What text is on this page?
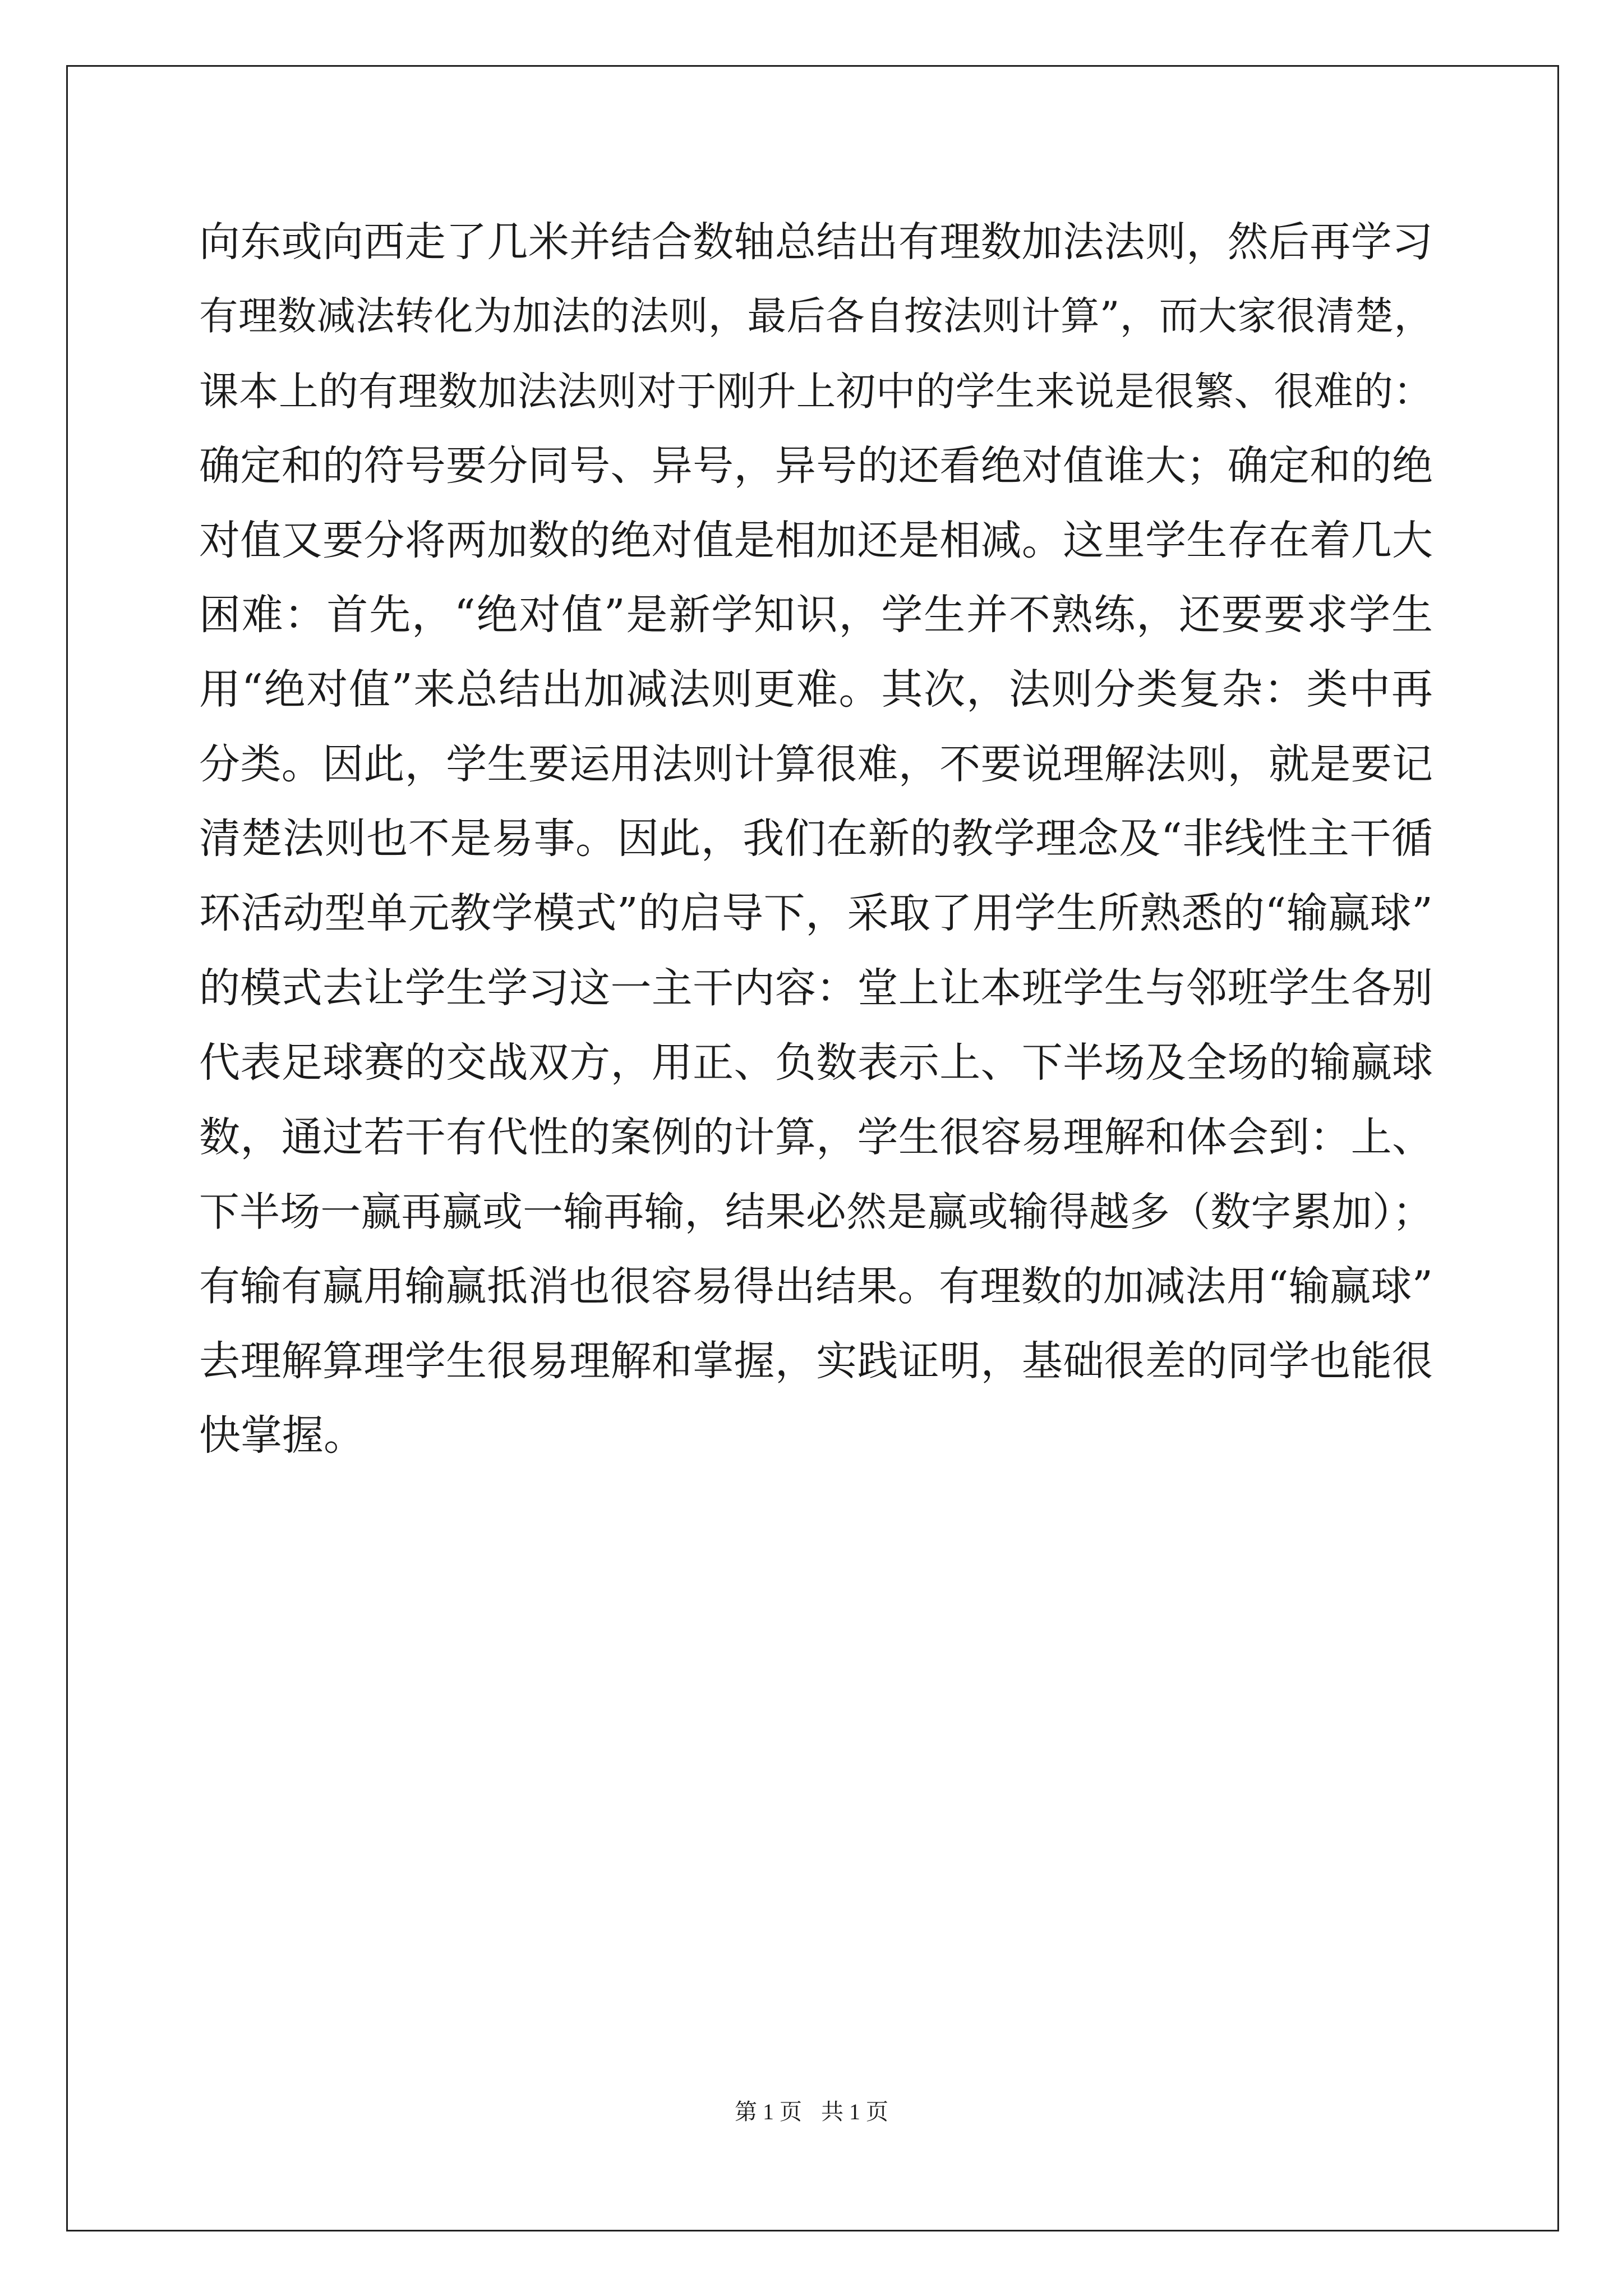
向东或向西走了几米并结合数轴总结出有理数加法法则，然后再学习
有理数减法转化为加法的法则，最后各自按法则计算”，而大家很清楚，
课本上的有理数加法法则对于刚升上初中的学生来说是很繁、很难的：
确定和的符号要分同号、异号，异号的还看绝对值谁大；确定和的绝
对值又要分将两加数的绝对值是相加还是相减。这里学生存在着几大
困难：首先，“绝对值”是新学知识，学生并不熟练，还要要求学生
用“绝对值”来总结出加减法则更难。其次，法则分类复杂：类中再
分类。因此，学生要运用法则计算很难，不要说理解法则，就是要记
清楚法则也不是易事。因此，我们在新的教学理念及“非线性主干循
环活动型单元教学模式”的启导下，采取了用学生所熟悉的“输赢球”
的模式去让学生学习这一主干内容：堂上让本班学生与邻班学生各别
代表足球赛的交战双方，用正、负数表示上、下半场及全场的输赢球
数，通过若干有代性的案例的计算，学生很容易理解和体会到：上、
下半场一赢再赢或一输再输，结果必然是赢或输得越多（数字累加）；
有输有赢用输赢抵消也很容易得出结果。有理数的加减法用“输赢球”
去理解算理学生很易理解和掌握，实践证明，基础很差的同学也能很
快掌握。
第 1 页 共 1 页
